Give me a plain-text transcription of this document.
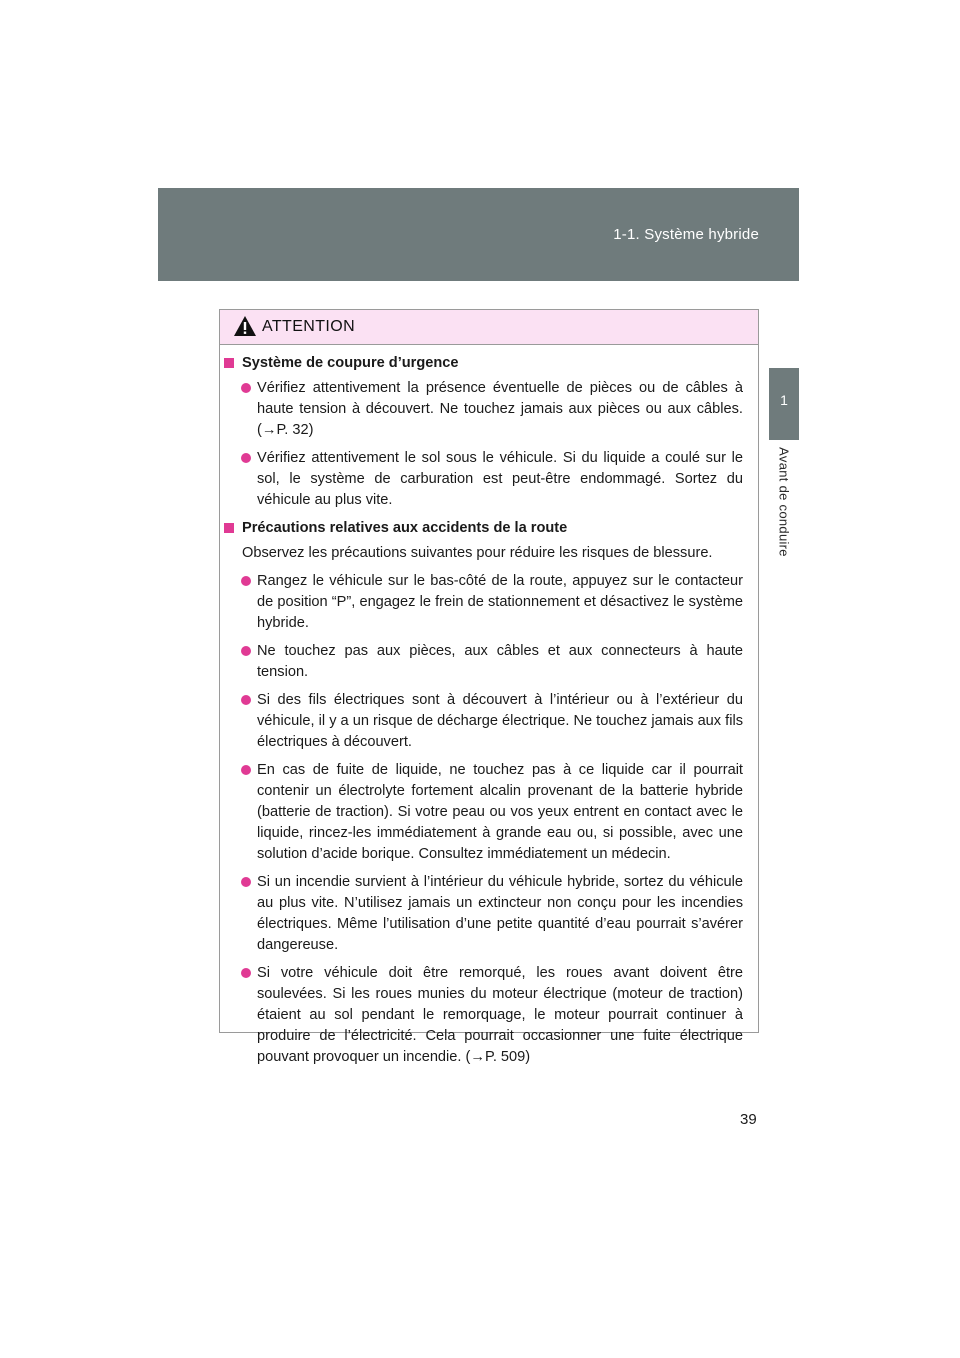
1-1. Système hybride
1
Avant de conduire
ATTENTION
Système de coupure d’urgence
Vérifiez attentivement la présence éventuelle de pièces ou de câbles à haute tension à découvert. Ne touchez jamais aux pièces ou aux câbles. (→P. 32)
Vérifiez attentivement le sol sous le véhicule. Si du liquide a coulé sur le sol, le système de carburation est peut-être endommagé. Sortez du véhicule au plus vite.
Précautions relatives aux accidents de la route
Observez les précautions suivantes pour réduire les risques de blessure.
Rangez le véhicule sur le bas-côté de la route, appuyez sur le contacteur de position “P”, engagez le frein de stationnement et désactivez le système hybride.
Ne touchez pas aux pièces, aux câbles et aux connecteurs à haute tension.
Si des fils électriques sont à découvert à l’intérieur ou à l’extérieur du véhicule, il y a un risque de décharge électrique. Ne touchez jamais aux fils électriques à découvert.
En cas de fuite de liquide, ne touchez pas à ce liquide car il pourrait contenir un électrolyte fortement alcalin provenant de la batterie hybride (batterie de traction). Si votre peau ou vos yeux entrent en contact avec le liquide, rincez-les immédiatement à grande eau ou, si possible, avec une solution d’acide borique. Consultez immédiatement un médecin.
Si un incendie survient à l’intérieur du véhicule hybride, sortez du véhicule au plus vite. N’utilisez jamais un extincteur non conçu pour les incendies électriques. Même l’utilisation d’une petite quantité d’eau pourrait s’avérer dangereuse.
Si votre véhicule doit être remorqué, les roues avant doivent être soulevées. Si les roues munies du moteur électrique (moteur de traction) étaient au sol pendant le remorquage, le moteur pourrait continuer à produire de l’électricité. Cela pourrait occasionner une fuite électrique pouvant provoquer un incendie. (→P. 509)
39
